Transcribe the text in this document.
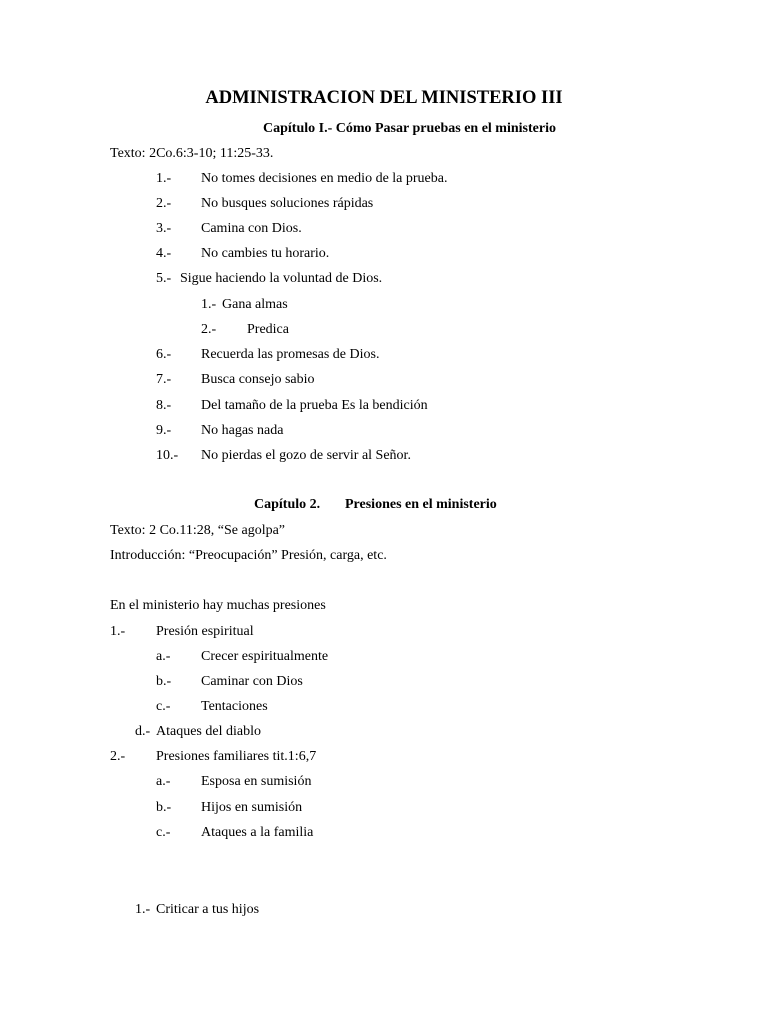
ADMINISTRACION DEL MINISTERIO III
Capítulo I.- Cómo Pasar pruebas en el ministerio
Texto: 2Co.6:3-10; 11:25-33.
1.- No tomes decisiones en medio de la prueba.
2.- No busques soluciones rápidas
3.- Camina con Dios.
4.- No cambies tu horario.
5.- Sigue haciendo la voluntad de Dios.
1.- Gana almas
2.- Predica
6.- Recuerda las promesas de Dios.
7.- Busca consejo sabio
8.- Del tamaño de la prueba Es la bendición
9.- No hagas nada
10.- No pierdas el gozo de servir al Señor.
Capítulo 2. Presiones en el ministerio
Texto: 2 Co.11:28, “Se agolpa”
Introducción: “Preocupación” Presión, carga, etc.
En el ministerio hay muchas presiones
1.- Presión espiritual
a.- Crecer espiritualmente
b.- Caminar con Dios
c.- Tentaciones
d.- Ataques del diablo
2.- Presiones familiares tit.1:6,7
a.- Esposa en sumisión
b.- Hijos en sumisión
c.- Ataques a la familia
1.- Criticar a tus hijos
